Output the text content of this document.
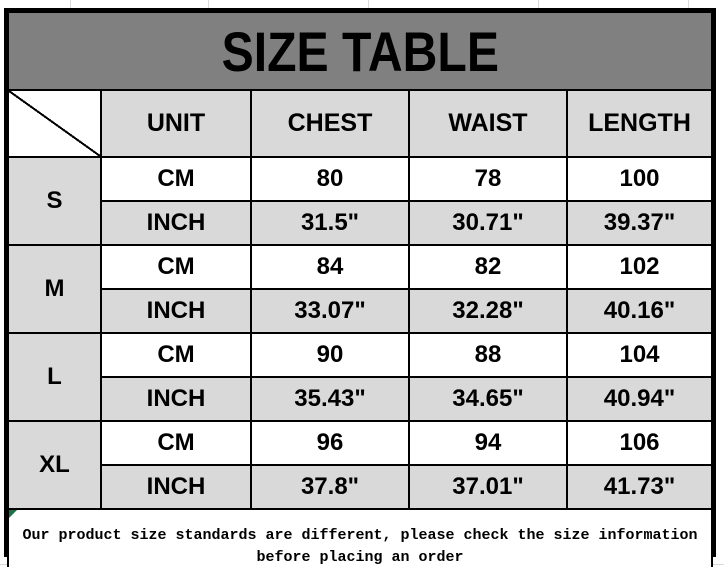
SIZE TABLE				
	UNIT	CHEST	WAIST	LENGTH
S	CM	80	78	100
	INCH	31.5"	30.71"	39.37"
M	CM	84	82	102
	INCH	33.07"	32.28"	40.16"
L	CM	90	88	104
	INCH	35.43"	34.65"	40.94"
XL	CM	96	94	106
	INCH	37.8"	37.01"	41.73"

Our product size standards are different, please check the size information
before placing an order				
